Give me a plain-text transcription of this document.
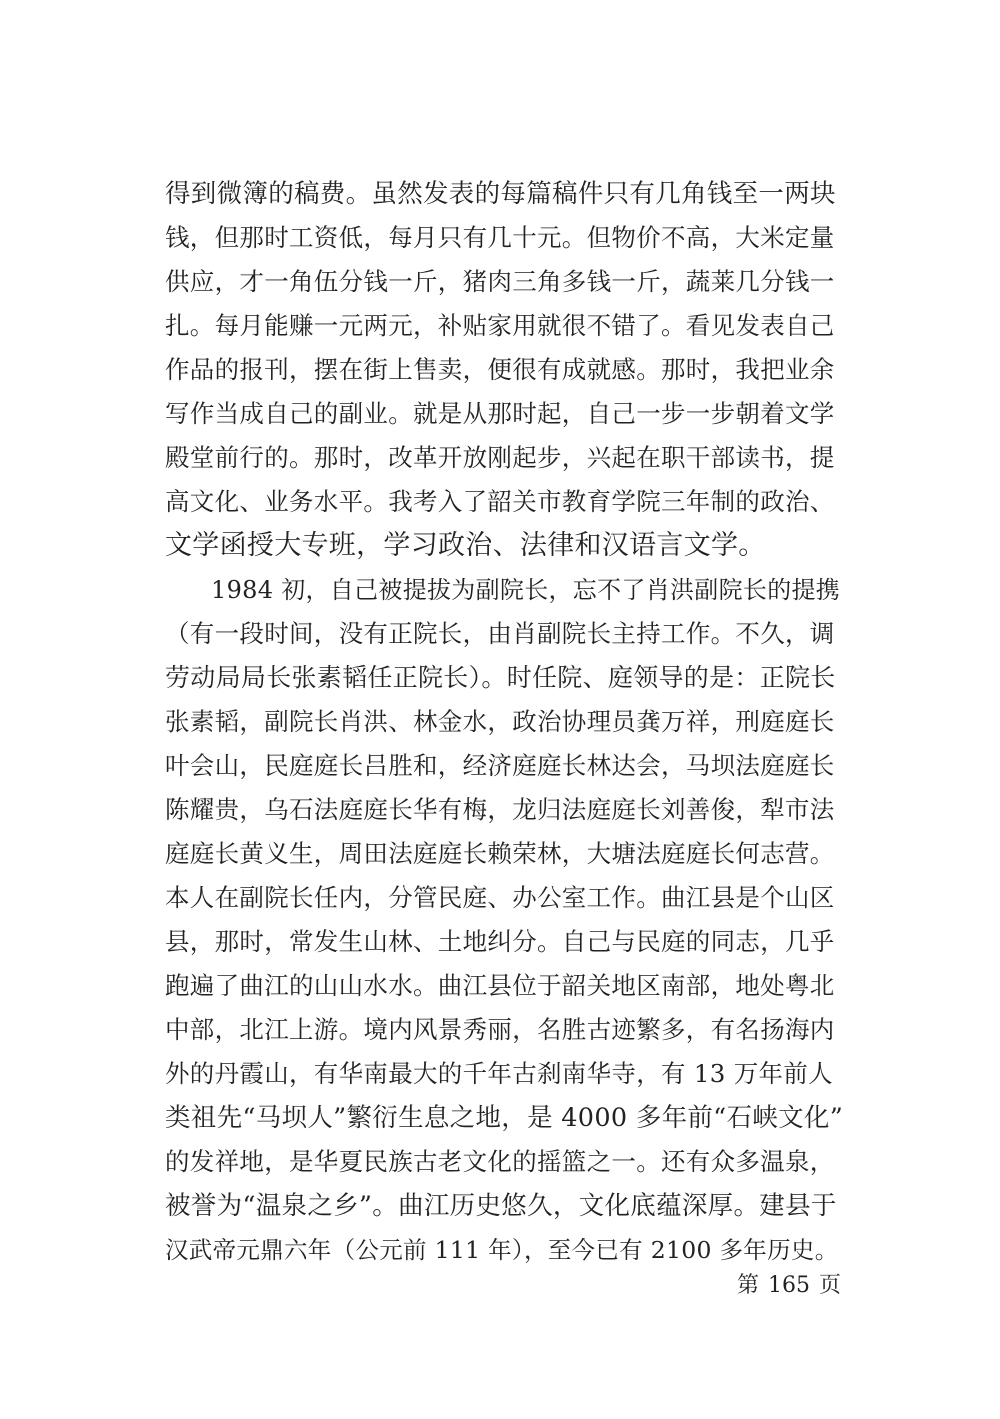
得到微簿的稿费。虽然发表的每篇稿件只有几角钱至一两块
钱，但那时工资低，每月只有几十元。但物价不高，大米定量
供应，才一角伍分钱一斤，猪肉三角多钱一斤，蔬莱几分钱一
扎。每月能赚一元两元，补贴家用就很不错了。看见发表自己
作品的报刊，摆在街上售卖，便很有成就感。那时，我把业余
写作当成自己的副业。就是从那时起，自己一步一步朝着文学
殿堂前行的。那时，改革开放刚起步，兴起在职干部读书，提
高文化、业务水平。我考入了韶关市教育学院三年制的政治、
文学函授大专班，学习政治、法律和汉语言文学。
1984 初，自己被提拔为副院长，忘不了肖洪副院长的提携
（有一段时间，没有正院长，由肖副院长主持工作。不久，调
劳动局局长张素韬任正院长）。时任院、庭领导的是：正院长
张素韬，副院长肖洪、林金水，政治协理员龚万祥，刑庭庭长
叶会山，民庭庭长吕胜和，经济庭庭长林达会，马坝法庭庭长
陈耀贵，乌石法庭庭长华有梅，龙归法庭庭长刘善俊，犁市法
庭庭长黄义生，周田法庭庭长赖荣林，大塘法庭庭长何志营。
本人在副院长任内，分管民庭、办公室工作。曲江县是个山区
县，那时，常发生山林、土地纠分。自己与民庭的同志，几乎
跑遍了曲江的山山水水。曲江县位于韶关地区南部，地处粤北
中部，北江上游。境内风景秀丽，名胜古迹繁多，有名扬海内
外的丹霞山，有华南最大的千年古刹南华寺，有 13 万年前人
类祖先“马坝人”繁衍生息之地，是 4000 多年前“石峡文化”
的发祥地，是华夏民族古老文化的摇篮之一。还有众多温泉，
被誉为“温泉之乡”。曲江历史悠久，文化底蕴深厚。建县于
汉武帝元鼎六年（公元前 111 年），至今已有 2100 多年历史。
第 165 页
